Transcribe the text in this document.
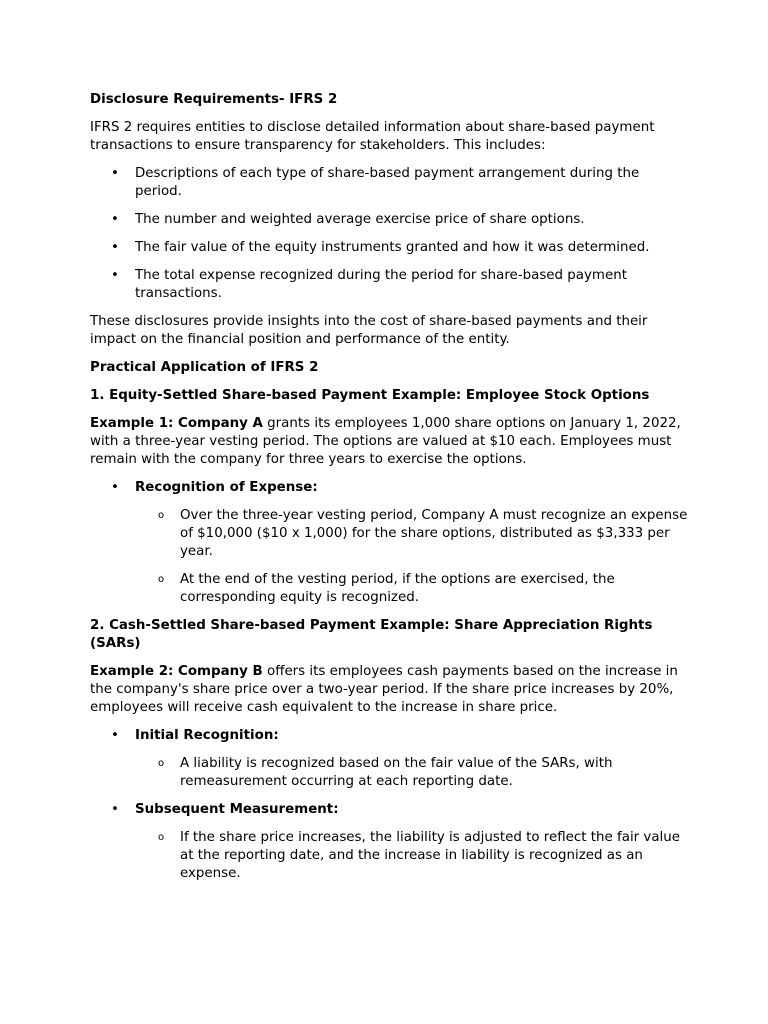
Disclosure Requirements- IFRS 2

IFRS 2 requires entities to disclose detailed information about share-based payment transactions to ensure transparency for stakeholders. This includes:

• Descriptions of each type of share-based payment arrangement during the period.
• The number and weighted average exercise price of share options.
• The fair value of the equity instruments granted and how it was determined.
• The total expense recognized during the period for share-based payment transactions.

These disclosures provide insights into the cost of share-based payments and their impact on the financial position and performance of the entity.

Practical Application of IFRS 2
1. Equity-Settled Share-based Payment Example: Employee Stock Options

Example 1: Company A grants its employees 1,000 share options on January 1, 2022, with a three-year vesting period. The options are valued at $10 each. Employees must remain with the company for three years to exercise the options.

• Recognition of Expense:
o Over the three-year vesting period, Company A must recognize an expense of $10,000 ($10 x 1,000) for the share options, distributed as $3,333 per year.
o At the end of the vesting period, if the options are exercised, the corresponding equity is recognized.
2. Cash-Settled Share-based Payment Example: Share Appreciation Rights (SARs)

Example 2: Company B offers its employees cash payments based on the increase in the company's share price over a two-year period. If the share price increases by 20%, employees will receive cash equivalent to the increase in share price.

• Initial Recognition:
o A liability is recognized based on the fair value of the SARs, with remeasurement occurring at each reporting date.
• Subsequent Measurement:
o If the share price increases, the liability is adjusted to reflect the fair value at the reporting date, and the increase in liability is recognized as an expense.
